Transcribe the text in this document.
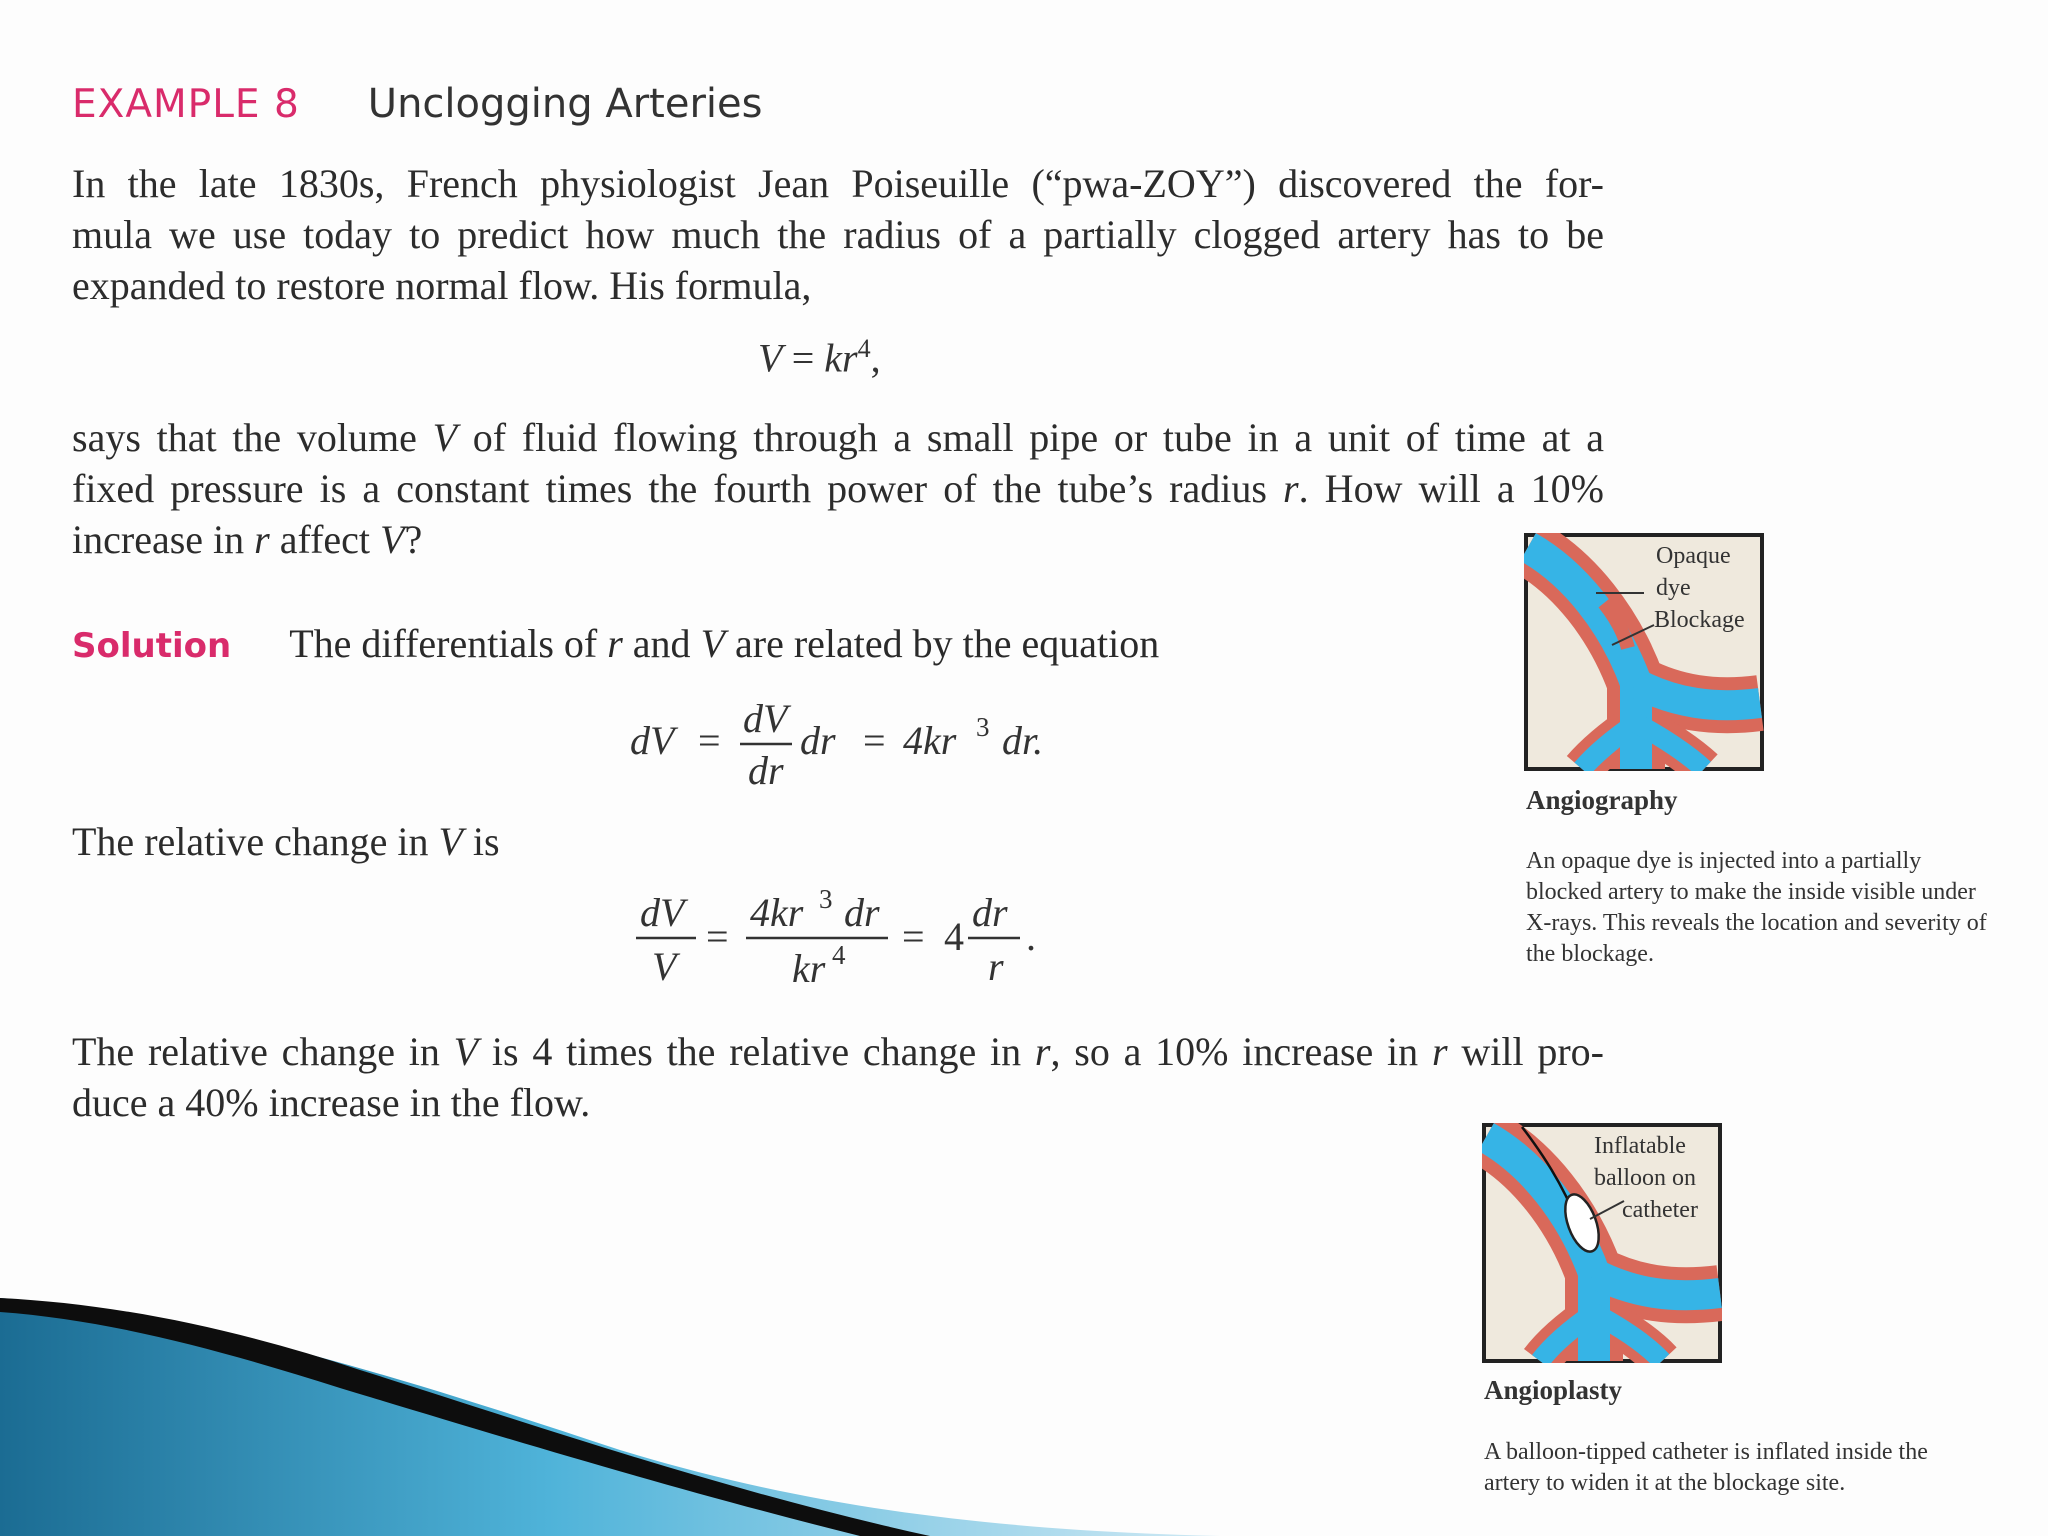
EXAMPLE 8 Unclogging Arteries
In the late 1830s, French physiologist Jean Poiseuille (“pwa-ZOY”) discovered the for-
mula we use today to predict how much the radius of a partially clogged artery has to be
expanded to restore normal flow. His formula,
$V = kr^4$,
says that the volume V of fluid flowing through a small pipe or tube in a unit of time at a
fixed pressure is a constant times the fourth power of the tube’s radius r. How will a 10%
increase in r affect V?
Solution The differentials of r and V are related by the equation
dV = dV
dr
dr = 4kr 3 dr.
The relative change in V is
dV
V
=
4kr 3 dr
kr 4 = 4
dr
r
.
The relative change in V is 4 times the relative change in r, so a 10% increase in r will pro-
duce a 40% increase in the flow.
Opaque
dye
Blockage
Angiography
An opaque dye is injected into a partially
blocked artery to make the inside visible under
X-rays. This reveals the location and severity of
the blockage.
Inflatable
balloon on
catheter
Angioplasty
A balloon-tipped catheter is inflated inside the
artery to widen it at the blockage site.
